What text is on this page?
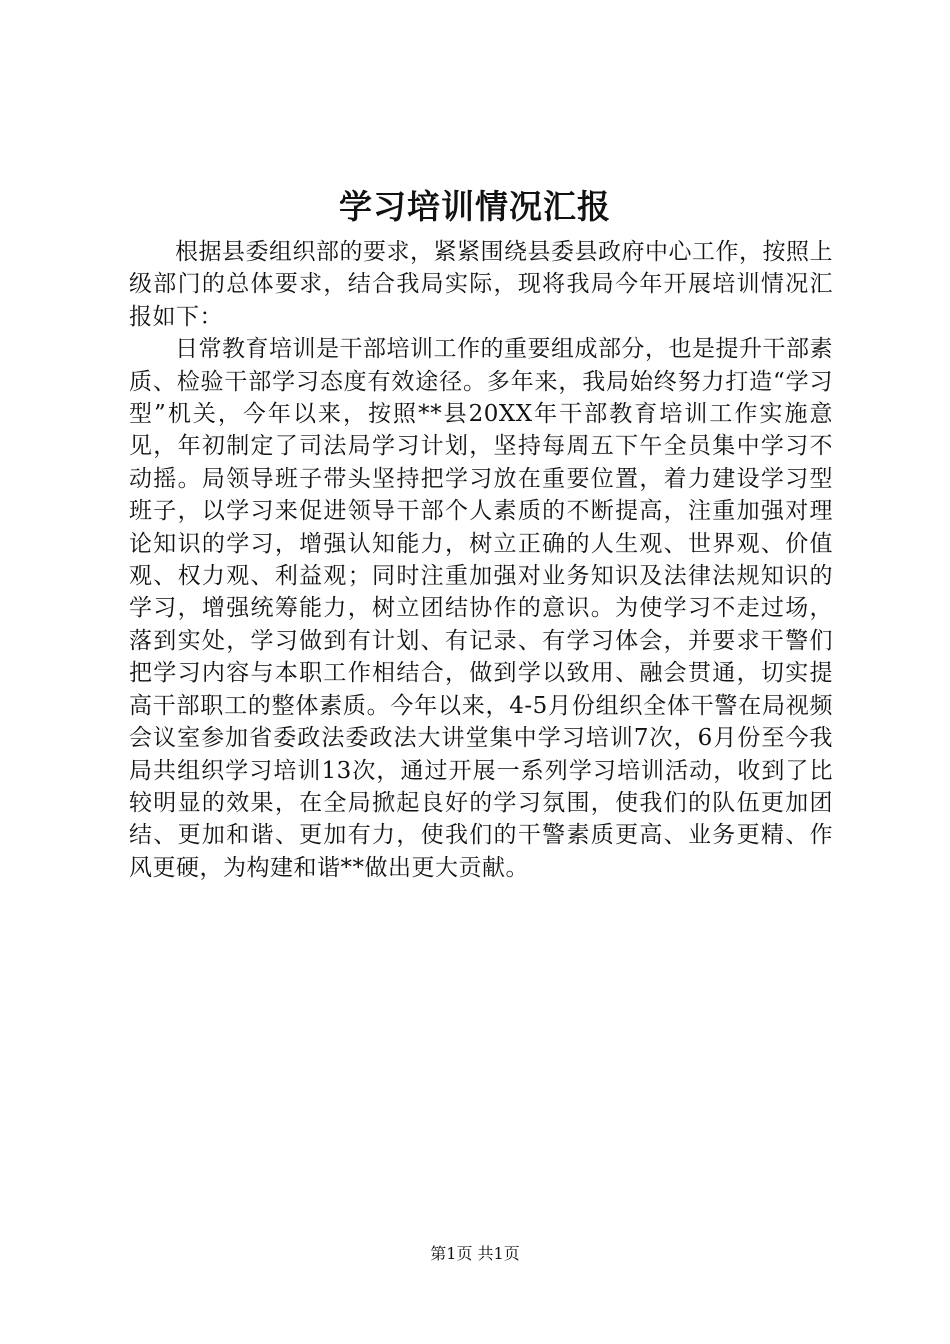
学习培训情况汇报

根据县委组织部的要求，紧紧围绕县委县政府中心工作，按照上级部门的总体要求，结合我局实际，现将我局今年开展培训情况汇报如下：

日常教育培训是干部培训工作的重要组成部分，也是提升干部素质、检验干部学习态度有效途径。多年来，我局始终努力打造“学习型”机关，今年以来，按照**县20XX年干部教育培训工作实施意见，年初制定了司法局学习计划，坚持每周五下午全员集中学习不动摇。局领导班子带头坚持把学习放在重要位置，着力建设学习型班子，以学习来促进领导干部个人素质的不断提高，注重加强对理论知识的学习，增强认知能力，树立正确的人生观、世界观、价值观、权力观、利益观；同时注重加强对业务知识及法律法规知识的学习，增强统筹能力，树立团结协作的意识。为使学习不走过场，落到实处，学习做到有计划、有记录、有学习体会，并要求干警们把学习内容与本职工作相结合，做到学以致用、融会贯通，切实提高干部职工的整体素质。今年以来，4-5月份组织全体干警在局视频会议室参加省委政法委政法大讲堂集中学习培训7次，6月份至今我局共组织学习培训13次，通过开展一系列学习培训活动，收到了比较明显的效果，在全局掀起良好的学习氛围，使我们的队伍更加团结、更加和谐、更加有力，使我们的干警素质更高、业务更精、作风更硬，为构建和谐**做出更大贡献。

第1页 共1页
